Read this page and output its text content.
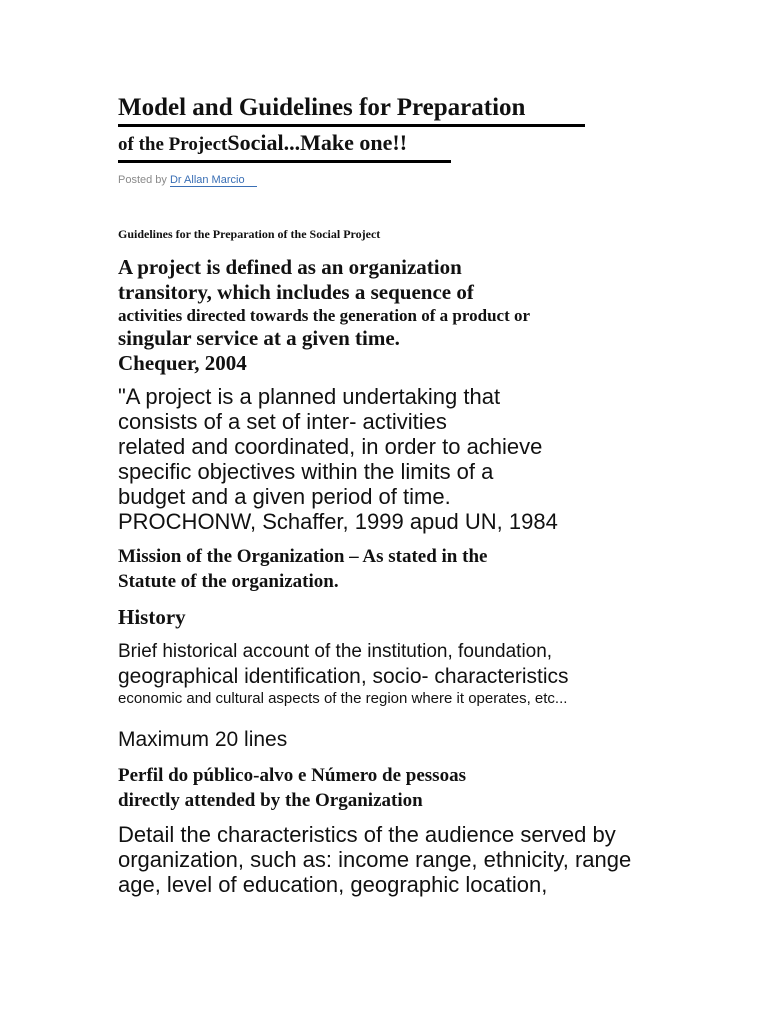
Model and Guidelines for Preparation of the ProjectSocial...Make one!!
Posted by Dr Allan Marcio
Guidelines for the Preparation of the Social Project
A project is defined as an organization
transitory, which includes a sequence of
activities directed towards the generation of a product or
singular service at a given time.
Chequer, 2004
"A project is a planned undertaking that
consists of a set of inter- activities
related and coordinated, in order to achieve
specific objectives within the limits of a
budget and a given period of time.
PROCHONW, Schaffer, 1999 apud UN, 1984
Mission of the Organization – As stated in the
Statute of the organization.
History
Brief historical account of the institution, foundation,
geographical identification, socio- characteristics
economic and cultural aspects of the region where it operates, etc...
Maximum 20 lines
Perfil do público-alvo e Número de pessoas
directly attended by the Organization
Detail the characteristics of the audience served by
organization, such as: income range, ethnicity, range
age, level of education, geographic location,
